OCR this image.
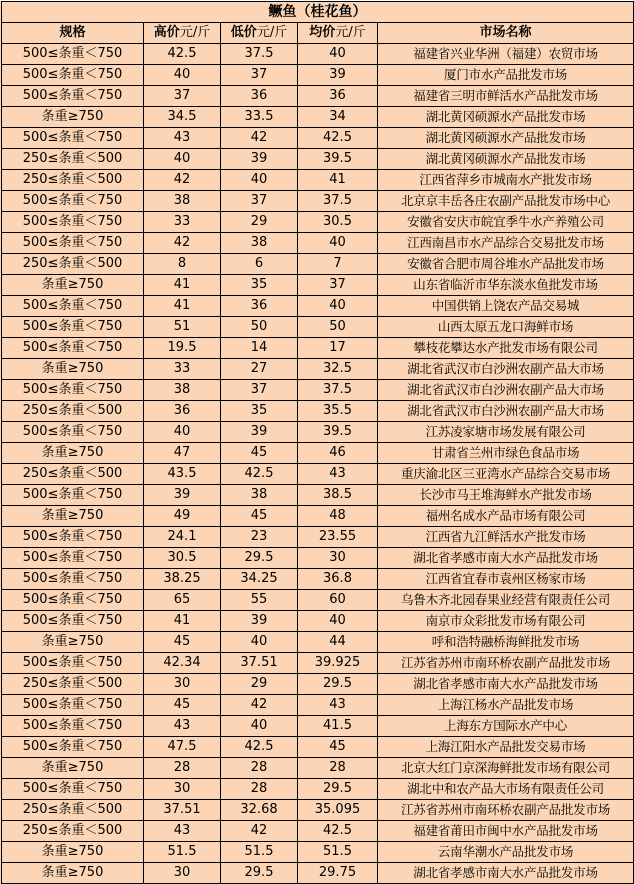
鳜鱼（桂花鱼）				
规格	高价元/斤	低价元/斤	均价元/斤	市场名称
500≤条重＜750	42.5	37.5	40	福建省兴业华洲（福建）农贸市场
500≤条重＜750	40	37	39	厦门市水产品批发市场
500≤条重＜750	37	36	36	福建省三明市鲜活水产品批发市场
条重≥750	34.5	33.5	34	湖北黄冈硕源水产品批发市场
500≤条重＜750	43	42	42.5	湖北黄冈硕源水产品批发市场
250≤条重＜500	40	39	39.5	湖北黄冈硕源水产品批发市场
250≤条重＜500	42	40	41	江西省萍乡市城南水产批发市场
500≤条重＜750	38	37	37.5	北京京丰岳各庄农副产品批发市场中心
500≤条重＜750	33	29	30.5	安徽省安庆市皖宜季牛水产养殖公司
500≤条重＜750	42	38	40	江西南昌市水产品综合交易批发市场
250≤条重＜500	8	6	7	安徽省合肥市周谷堆水产品批发市场
条重≥750	41	35	37	山东省临沂市华东淡水鱼批发市场
500≤条重＜750	41	36	40	中国供销上饶农产品交易城
500≤条重＜750	51	50	50	山西太原五龙口海鲜市场
500≤条重＜750	19.5	14	17	攀枝花攀达水产批发市场有限公司
条重≥750	33	27	32.5	湖北省武汉市白沙洲农副产品大市场
500≤条重＜750	38	37	37.5	湖北省武汉市白沙洲农副产品大市场
250≤条重＜500	36	35	35.5	湖北省武汉市白沙洲农副产品大市场
500≤条重＜750	40	39	39.5	江苏凌家塘市场发展有限公司
条重≥750	47	45	46	甘肃省兰州市绿色食品市场
250≤条重＜500	43.5	42.5	43	重庆渝北区三亚湾水产品综合交易市场
500≤条重＜750	39	38	38.5	长沙市马王堆海鲜水产批发市场
条重≥750	49	45	48	福州名成水产品市场有限公司
500≤条重＜750	24.1	23	23.55	江西省九江鲜活水产批发市场
500≤条重＜750	30.5	29.5	30	湖北省孝感市南大水产品批发市场
500≤条重＜750	38.25	34.25	36.8	江西省宜春市袁州区杨家市场
500≤条重＜750	65	55	60	乌鲁木齐北园春果业经营有限责任公司
500≤条重＜750	41	39	40	南京市众彩批发市场有限公司
条重≥750	45	40	44	呼和浩特融桥海鲜批发市场
500≤条重＜750	42.34	37.51	39.925	江苏省苏州市南环桥农副产品批发市场
250≤条重＜500	30	29	29.5	湖北省孝感市南大水产品批发市场
500≤条重＜750	45	42	43	上海江杨水产品批发市场
500≤条重＜750	43	40	41.5	上海东方国际水产中心
500≤条重＜750	47.5	42.5	45	上海江阳水产品批发交易市场
条重≥750	28	28	28	北京大红门京深海鲜批发市场有限公司
500≤条重＜750	30	28	29.5	湖北中和农产品大市场有限责任公司
250≤条重＜500	37.51	32.68	35.095	江苏省苏州市南环桥农副产品批发市场
250≤条重＜500	43	42	42.5	福建省莆田市闽中水产品批发市场
条重≥750	51.5	51.5	51.5	云南华潮水产品批发市场
条重≥750	30	29.5	29.75	湖北省孝感市南大水产品批发市场
